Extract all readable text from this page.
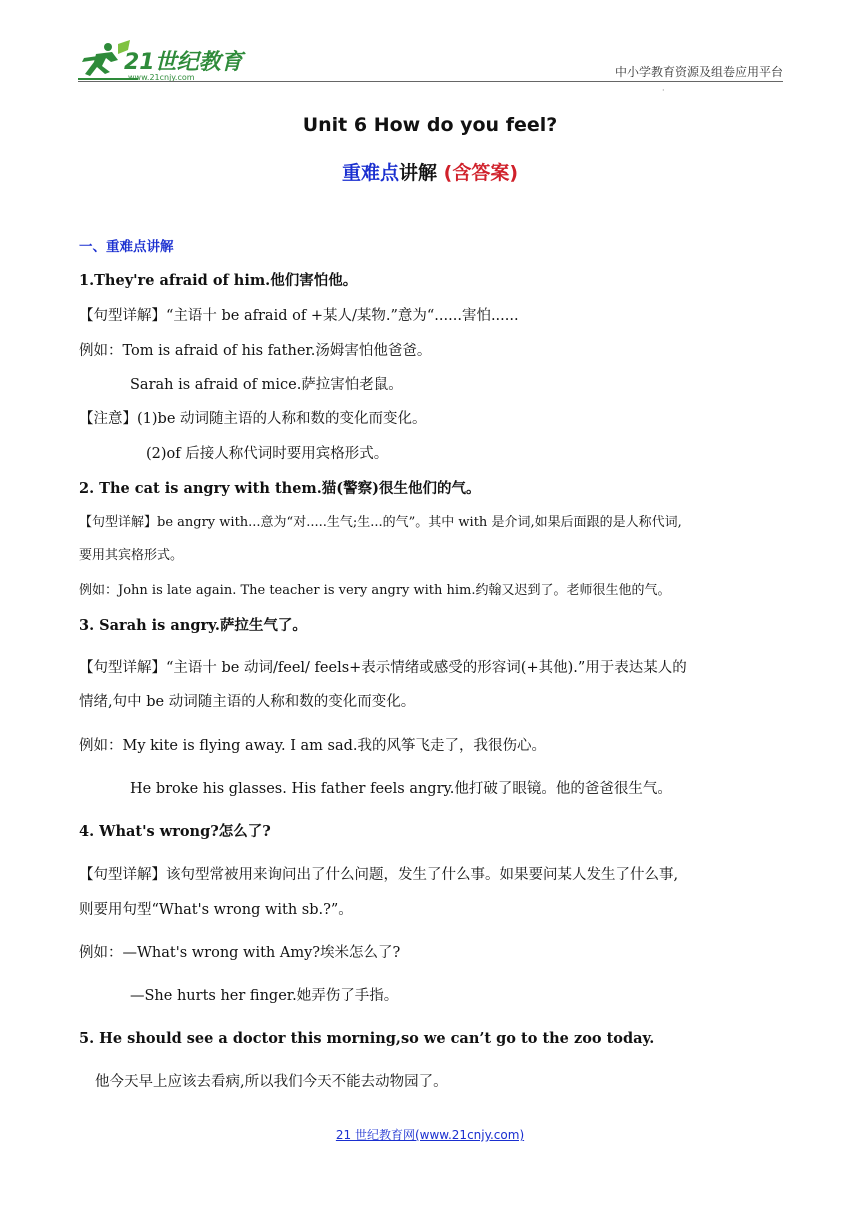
21世纪教育
www.21cnjy.com	中小学教育资源及组卷应用平台
·
Unit 6 How do you feel?
重难点讲解 (含答案)
一、重难点讲解
1.They're afraid of him.他们害怕他。
【句型详解】“主语十 be afraid of +某人/某物.”意为“......害怕......
例如：Tom is afraid of his father.汤姆害怕他爸爸。
Sarah is afraid of mice.萨拉害怕老鼠。
【注意】(1)be 动词随主语的人称和数的变化而变化。
(2)of 后接人称代词时要用宾格形式。
2. The cat is angry with them.猫(警察)很生他们的气。
【句型详解】be angry with...意为“对.....生气;生...的气”。其中 with 是介词,如果后面跟的是人称代词,
要用其宾格形式。
例如：John is late again. The teacher is very angry with him.约翰又迟到了。老师很生他的气。
3. Sarah is angry.萨拉生气了。
【句型详解】“主语十 be 动词/feel/ feels+表示情绪或感受的形容词(+其他).”用于表达某人的
情绪,句中 be 动词随主语的人称和数的变化而变化。
例如：My kite is flying away. I am sad.我的风筝飞走了，我很伤心。
He broke his glasses. His father feels angry.他打破了眼镜。他的爸爸很生气。
4. What's wrong?怎么了?
【句型详解】该句型常被用来询问出了什么问题，发生了什么事。如果要问某人发生了什么事,
则要用句型“What's wrong with sb.?”。
例如：—What's wrong with Amy?埃米怎么了?
—She hurts her finger.她弄伤了手指。
5. He should see a doctor this morning,so we can’t go to the zoo today.
他今天早上应该去看病,所以我们今天不能去动物园了。
21 世纪教育网(www.21cnjy.com)
